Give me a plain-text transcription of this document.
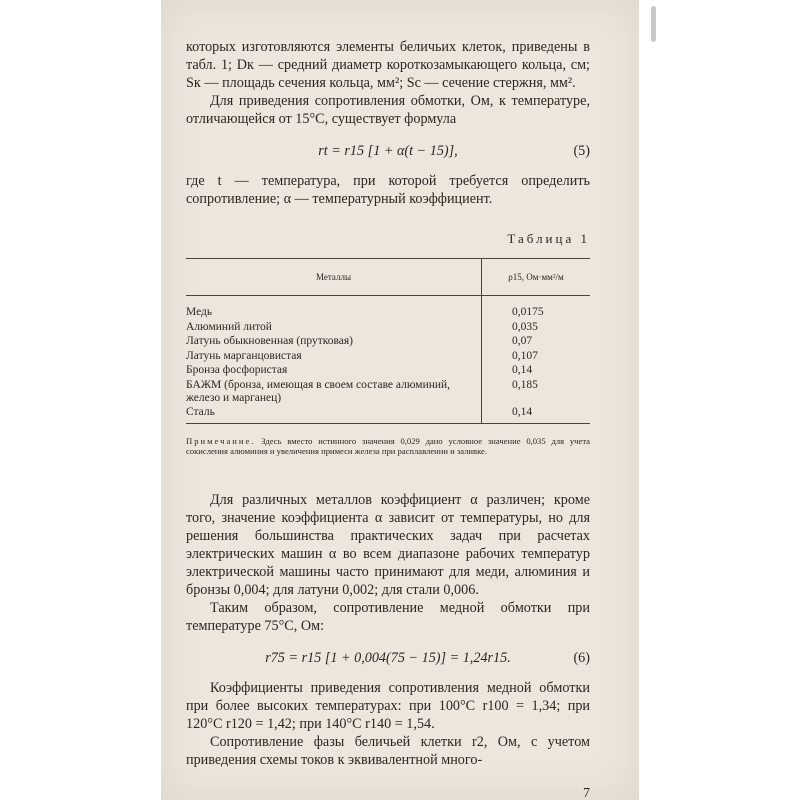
которых изготовляются элементы беличьих клеток, приведены в табл. 1; Dк — средний диаметр короткозамыкающего кольца, см; Sк — площадь сечения кольца, мм²; Sс — сечение стержня, мм².

Для приведения сопротивления обмотки, Ом, к температуре, отличающейся от 15°С, существует формула

rt = r15 [1 + α(t − 15)],	(5)

где t — температура, при которой требуется определить сопротивление; α — температурный коэффициент.

Таблица 1
Металлы	ρ15, Ом·мм²/м
Медь	0,0175
Алюминий литой	0,035
Латунь обыкновенная (прутковая)	0,07
Латунь марганцовистая	0,107
Бронза фосфористая	0,14
БАЖМ (бронза, имеющая в своем составе алюминий, железо и марганец)	0,185
Сталь	0,14
Примечание. Здесь вместо истинного значения 0,029 дано условное значение 0,035 для учета сокисления алюминия и увеличения примеси железа при расплавлении и заливке.

Для различных металлов коэффициент α различен; кроме того, значение коэффициента α зависит от температуры, но для решения большинства практических задач при расчетах электрических машин α во всем диапазоне рабочих температур электрической машины часто принимают для меди, алюминия и бронзы 0,004; для латуни 0,002; для стали 0,006.

Таким образом, сопротивление медной обмотки при температуре 75°С, Ом:

r75 = r15 [1 + 0,004(75 − 15)] = 1,24r15.	(6)

Коэффициенты приведения сопротивления медной обмотки при более высоких температурах: при 100°С r100 = 1,34; при 120°С r120 = 1,42; при 140°С r140 = 1,54.

Сопротивление фазы беличьей клетки r2, Ом, с учетом приведения схемы токов к эквивалентной много-

7
